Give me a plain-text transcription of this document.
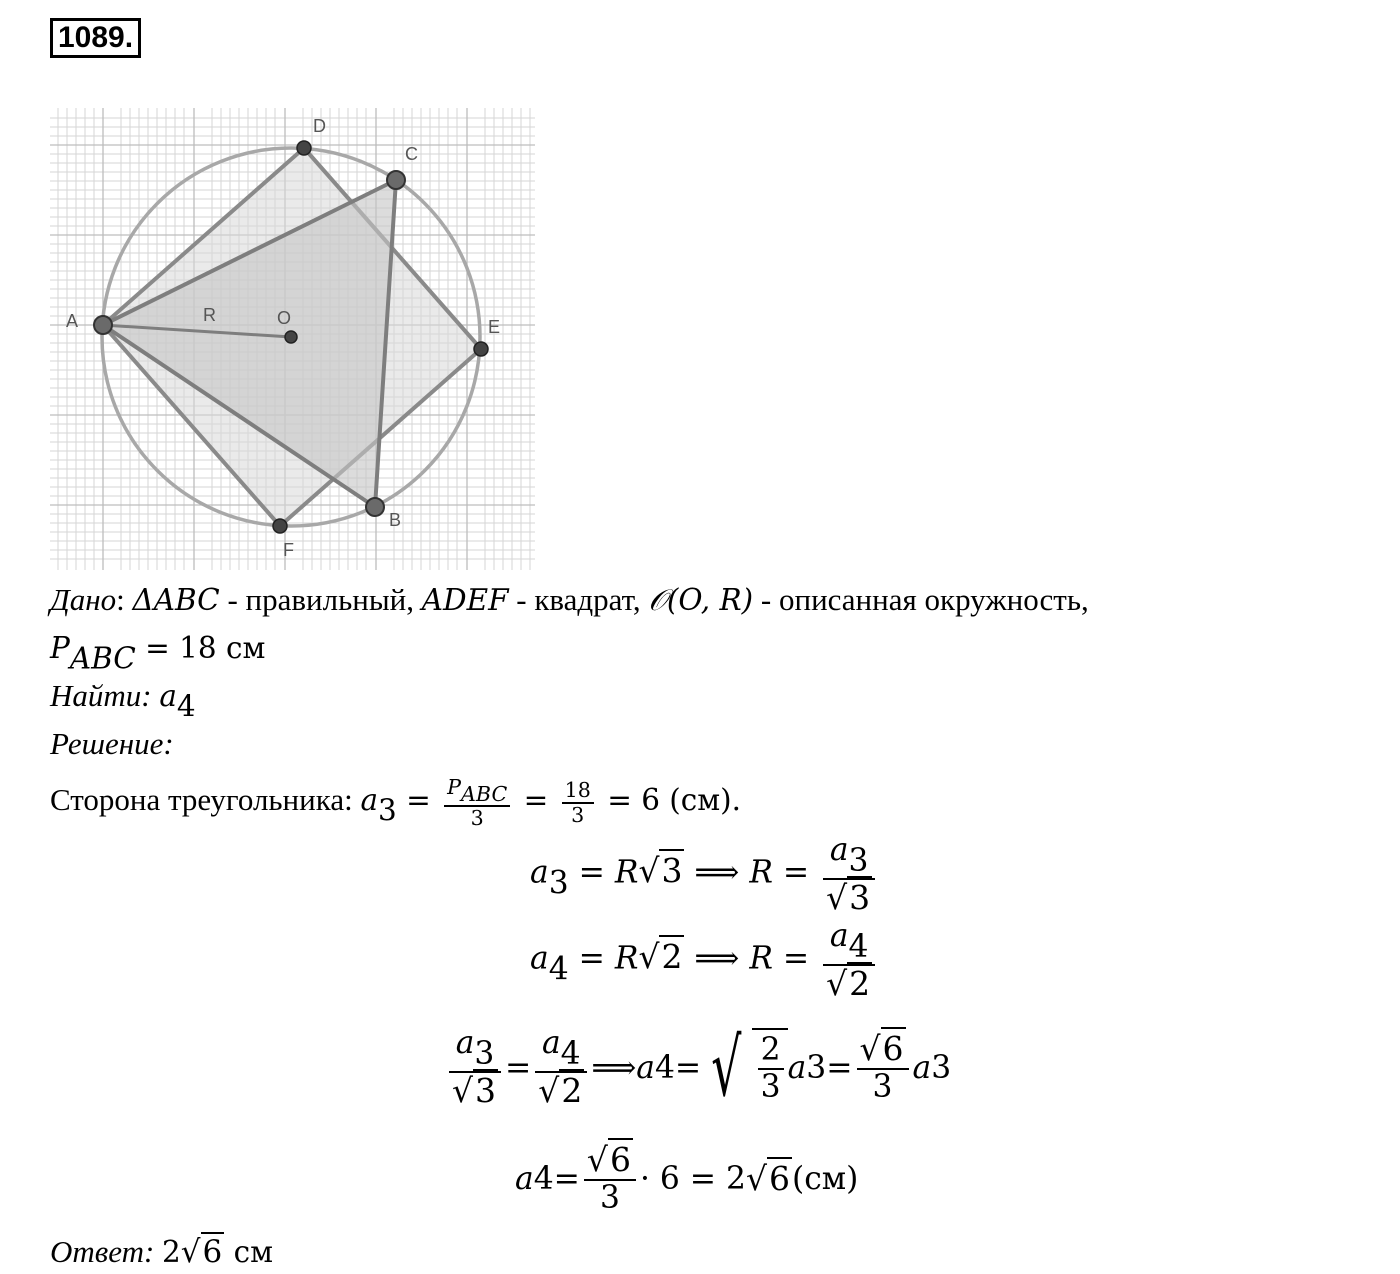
1089.
A
B
C
D
E
F
O
R
Дано: ΔABC - правильный, ADEF - квадрат, 𝒪(O, R) - описанная окружность,
$P_{ABC} = 18$ см
Найти: $a_4$
Решение:
Сторона треугольника: $a_3 = \frac{P_{ABC}}{3} = \frac{18}{3} = 6$ (см).
$a_3 = R√3$ ⟹ $R = \frac{a_3}{√3}$
$a_4 = R√2$ ⟹ $R = \frac{a_4}{√2}$
$\frac{a_3}{√3} = \frac{a_4}{√2}$ ⟹ a 4 = √ $\frac{2}{3}$ a $3 = \frac{√6}{3}$ a 3
a $4 = \frac{√6}{3} \cdot 6 = 2$ √6 (см)
Ответ: 2√6 см
